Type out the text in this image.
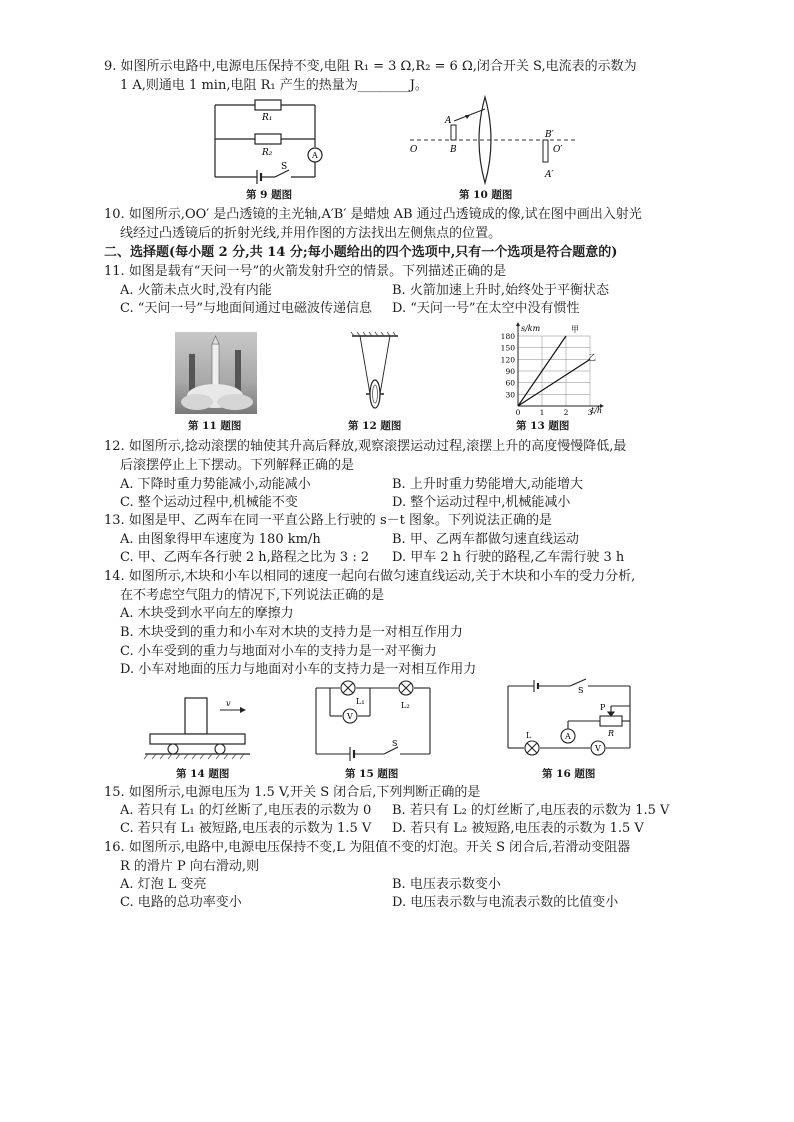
9. 如图所示电路中,电源电压保持不变,电阻 R₁ = 3 Ω,R₂ = 6 Ω,闭合开关 S,电流表的示数为
1 A,则通电 1 min,电阻 R₁ 产生的热量为________J。
R₁
R₂
S
A
第 9 题图
A
B
O	O′
B′
A′
第 10 题图
10. 如图所示,OO′ 是凸透镜的主光轴,A′B′ 是蜡烛 AB 通过凸透镜成的像,试在图中画出入射光
线经过凸透镜后的折射光线,并用作图的方法找出左侧焦点的位置。
二、选择题(每小题 2 分,共 14 分;每小题给出的四个选项中,只有一个选项是符合题意的)
11. 如图是载有“天问一号”的火箭发射升空的情景。下列描述正确的是
A. 火箭未点火时,没有内能	B. 火箭加速上升时,始终处于平衡状态
C. “天问一号”与地面间通过电磁波传递信息 D. “天问一号”在太空中没有惯性
第 11 题图	第 12 题图
180
150
120
90
60
30
0	1	2	3
s/km
t/h
甲
乙
第 13 题图
12. 如图所示,捻动滚摆的轴使其升高后释放,观察滚摆运动过程,滚摆上升的高度慢慢降低,最
后滚摆停止上下摆动。下列解释正确的是
A. 下降时重力势能减小,动能减小	B. 上升时重力势能增大,动能增大
C. 整个运动过程中,机械能不变	D. 整个运动过程中,机械能减小
13. 如图是甲、乙两车在同一平直公路上行驶的 s－t 图象。下列说法正确的是
A. 由图象得甲车速度为 180 km/h	B. 甲、乙两车都做匀速直线运动
C. 甲、乙两车各行驶 2 h,路程之比为 3 : 2 D. 甲车 2 h 行驶的路程,乙车需行驶 3 h
14. 如图所示,木块和小车以相同的速度一起向右做匀速直线运动,关于木块和小车的受力分析,
在不考虑空气阻力的情况下,下列说法正确的是
A. 木块受到水平向左的摩擦力
B. 木块受到的重力和小车对木块的支持力是一对相互作用力
C. 小车受到的重力与地面对小车的支持力是一对平衡力
D. 小车对地面的压力与地面对小车的支持力是一对相互作用力
v
第 14 题图
L₁	L₂
V
S
第 15 题图
S
P
R
L	A
V
第 16 题图
15. 如图所示,电源电压为 1.5 V,开关 S 闭合后,下列判断正确的是
A. 若只有 L₁ 的灯丝断了,电压表的示数为 0 B. 若只有 L₂ 的灯丝断了,电压表的示数为 1.5 V
C. 若只有 L₁ 被短路,电压表的示数为 1.5 V D. 若只有 L₂ 被短路,电压表的示数为 1.5 V
16. 如图所示,电路中,电源电压保持不变,L 为阻值不变的灯泡。开关 S 闭合后,若滑动变阻器
R 的滑片 P 向右滑动,则
A. 灯泡 L 变亮	B. 电压表示数变小
C. 电路的总功率变小	D. 电压表示数与电流表示数的比值变小
